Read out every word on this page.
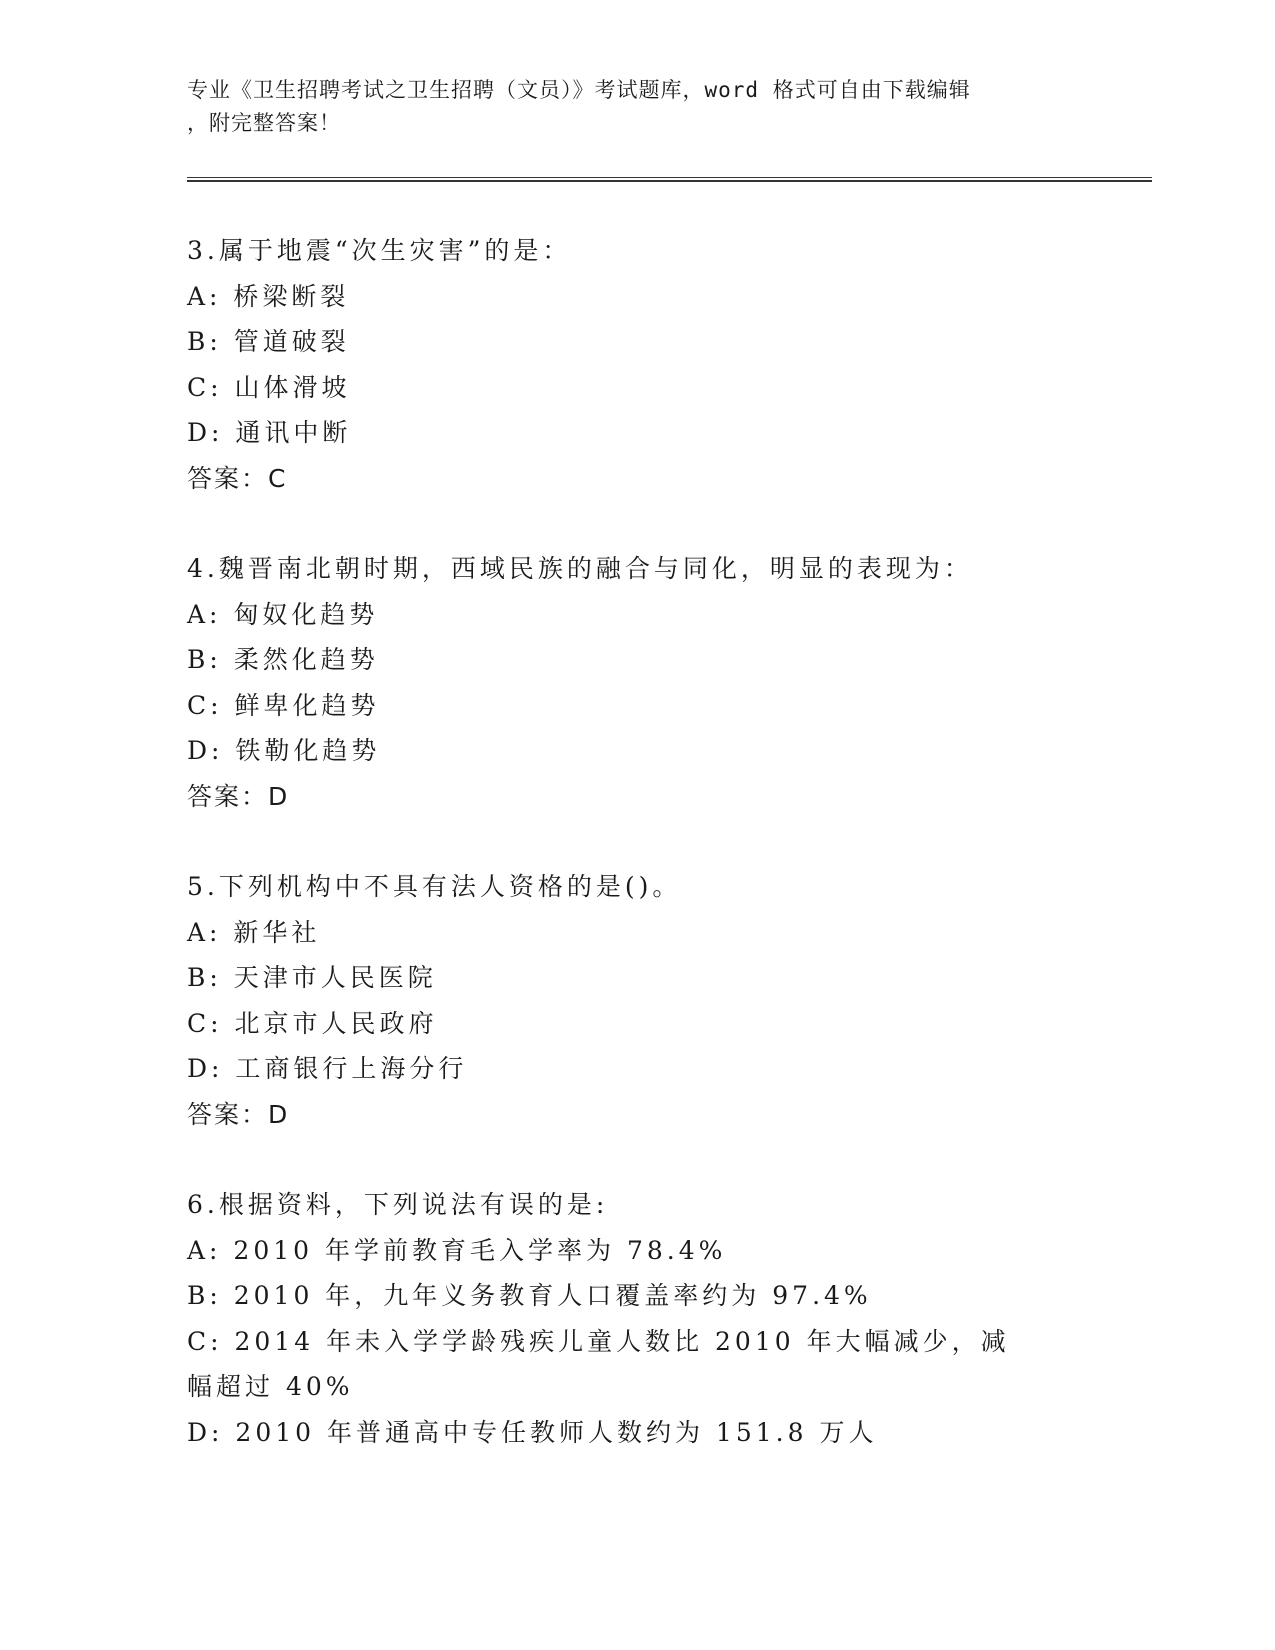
专业《卫生招聘考试之卫生招聘（文员）》考试题库，word 格式可自由下载编辑
，附完整答案！
3.属于地震“次生灾害”的是：
A: 桥梁断裂
B: 管道破裂
C: 山体滑坡
D: 通讯中断
答案：C
4.魏晋南北朝时期，西域民族的融合与同化，明显的表现为：
A: 匈奴化趋势
B: 柔然化趋势
C: 鲜卑化趋势
D: 铁勒化趋势
答案：D
5.下列机构中不具有法人资格的是()。
A: 新华社
B: 天津市人民医院
C: 北京市人民政府
D: 工商银行上海分行
答案：D
6.根据资料，下列说法有误的是:
A: 2010 年学前教育毛入学率为 78.4%
B: 2010 年，九年义务教育人口覆盖率约为 97.4%
C: 2014 年未入学学龄残疾儿童人数比 2010 年大幅减少，减幅超过 40%
D: 2010 年普通高中专任教师人数约为 151.8 万人
